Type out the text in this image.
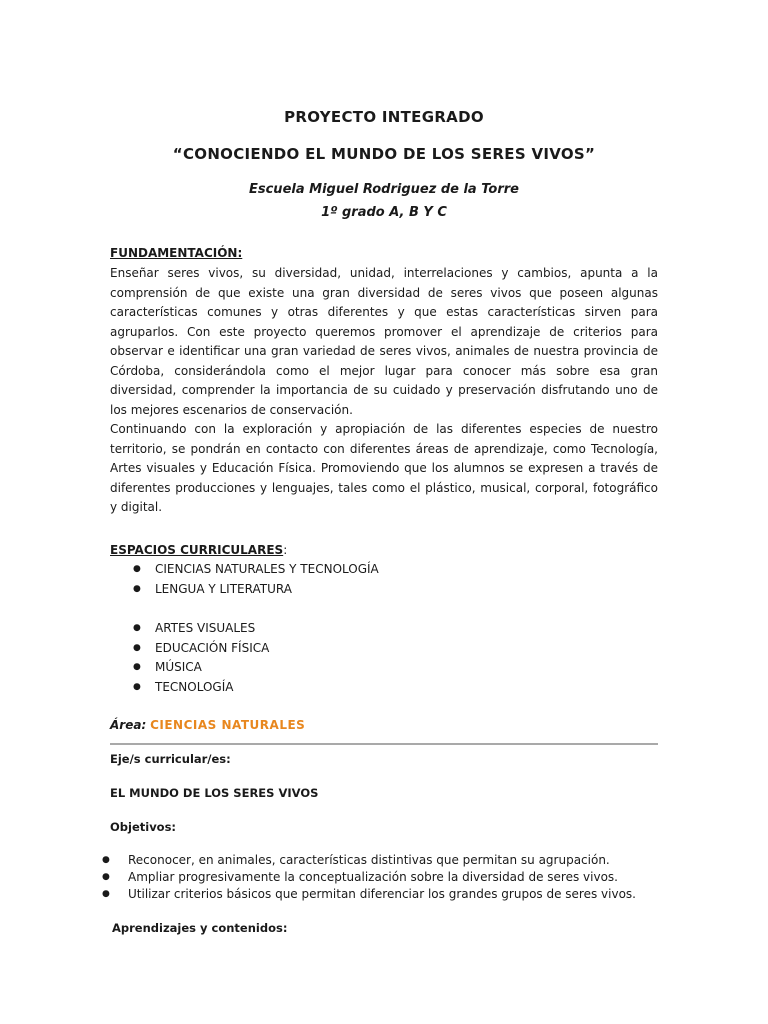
PROYECTO INTEGRADO
“CONOCIENDO EL MUNDO DE LOS SERES VIVOS”
Escuela Miguel Rodriguez de la Torre
1º grado A, B Y C
FUNDAMENTACIÓN:

Enseñar seres vivos, su diversidad, unidad, interrelaciones y cambios, apunta a la comprensión de que existe una gran diversidad de seres vivos que poseen algunas características comunes y otras diferentes y que estas características sirven para agruparlos. Con este proyecto queremos promover el aprendizaje de criterios para observar e identificar una gran variedad de seres vivos, animales de nuestra provincia de Córdoba, considerándola como el mejor lugar para conocer más sobre esa gran diversidad, comprender la importancia de su cuidado y preservación disfrutando uno de los mejores escenarios de conservación.

Continuando con la exploración y apropiación de las diferentes especies de nuestro territorio, se pondrán en contacto con diferentes áreas de aprendizaje, como Tecnología, Artes visuales y Educación Física. Promoviendo que los alumnos se expresen a través de diferentes producciones y lenguajes, tales como el plástico, musical, corporal, fotográfico y digital.

ESPACIOS CURRICULARES:
● CIENCIAS NATURALES Y TECNOLOGÍA
● LENGUA Y LITERATURA
● ARTES VISUALES
● EDUCACIÓN FÍSICA
● MÚSICA
● TECNOLOGÍA
Área: CIENCIAS NATURALES
Eje/s curricular/es:
EL MUNDO DE LOS SERES VIVOS
Objetivos:
● Reconocer, en animales, características distintivas que permitan su agrupación.
● Ampliar progresivamente la conceptualización sobre la diversidad de seres vivos.
● Utilizar criterios básicos que permitan diferenciar los grandes grupos de seres vivos.
Aprendizajes y contenidos:
